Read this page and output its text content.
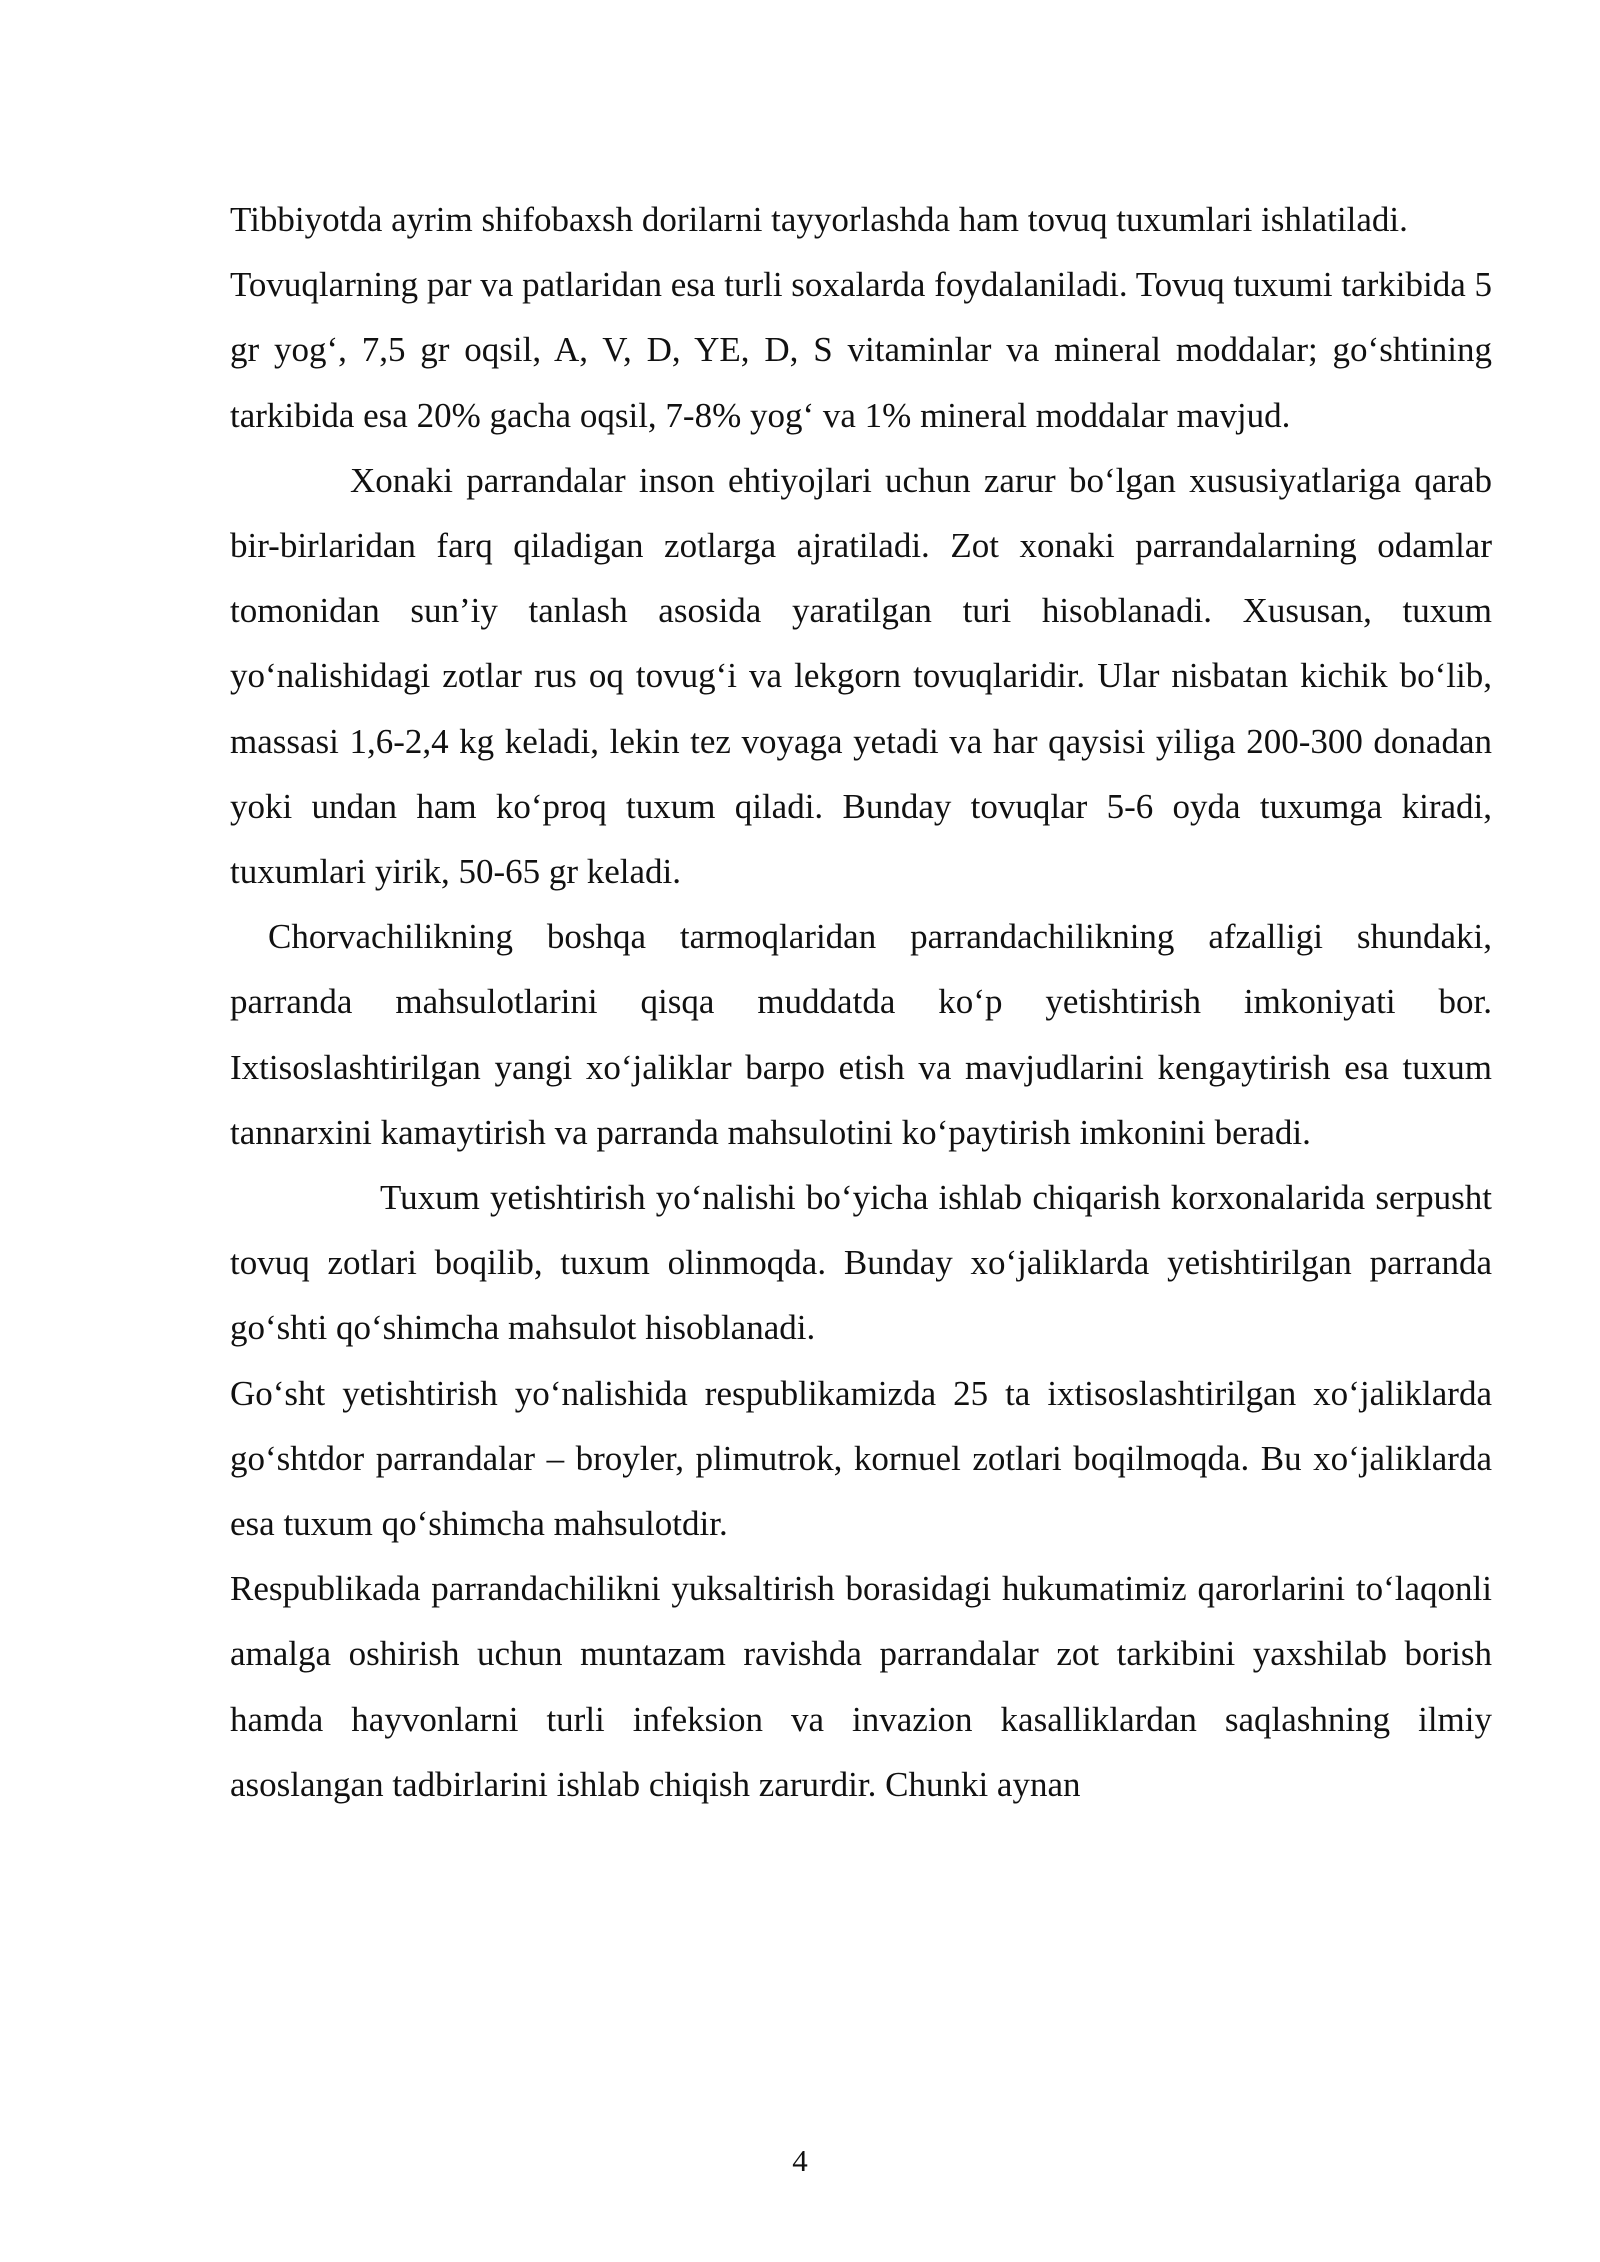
Tibbiyotda ayrim shifobaxsh dorilarni tayyorlashda ham tovuq tuxumlari ishlatiladi.

Tovuqlarning par va patlaridan esa turli soxalarda foydalaniladi. Tovuq tuxumi tarkibida 5 gr yog‘, 7,5 gr oqsil, A, V, D, YE, D, S vitaminlar va mineral moddalar; go‘shtining tarkibida esa 20% gacha oqsil, 7-8% yog‘ va 1% mineral moddalar mavjud.

Xonaki parrandalar inson ehtiyojlari uchun zarur bo‘lgan xususiyatlariga qarab bir-birlaridan farq qiladigan zotlarga ajratiladi. Zot xonaki parrandalarning odamlar tomonidan sun’iy tanlash asosida yaratilgan turi hisoblanadi. Xususan, tuxum yo‘nalishidagi zotlar rus oq tovug‘i va lekgorn tovuqlaridir. Ular nisbatan kichik bo‘lib, massasi 1,6-2,4 kg keladi, lekin tez voyaga yetadi va har qaysisi yiliga 200-300 donadan yoki undan ham ko‘proq tuxum qiladi. Bunday tovuqlar 5-6 oyda tuxumga kiradi, tuxumlari yirik, 50-65 gr keladi.

Chorvachilikning boshqa tarmoqlaridan parrandachilikning afzalligi shundaki, parranda mahsulotlarini qisqa muddatda ko‘p yetishtirish imkoniyati bor. Ixtisoslashtirilgan yangi xo‘jaliklar barpo etish va mavjudlarini kengaytirish esa tuxum tannarxini kamaytirish va parranda mahsulotini ko‘paytirish imkonini beradi.

Tuxum yetishtirish yo‘nalishi bo‘yicha ishlab chiqarish korxonalarida serpusht tovuq zotlari boqilib, tuxum olinmoqda. Bunday xo‘jaliklarda yetishtirilgan parranda go‘shti qo‘shimcha mahsulot hisoblanadi.

Go‘sht yetishtirish yo‘nalishida respublikamizda 25 ta ixtisoslashtirilgan xo‘jaliklarda go‘shtdor parrandalar – broyler, plimutrok, kornuel zotlari boqilmoqda. Bu xo‘jaliklarda esa tuxum qo‘shimcha mahsulotdir.

Respublikada parrandachilikni yuksaltirish borasidagi hukumatimiz qarorlarini to‘laqonli amalga oshirish uchun muntazam ravishda parrandalar zot tarkibini yaxshilab borish hamda hayvonlarni turli infeksion va invazion kasalliklardan saqlashning ilmiy asoslangan tadbirlarini ishlab chiqish zarurdir. Chunki aynan

4
